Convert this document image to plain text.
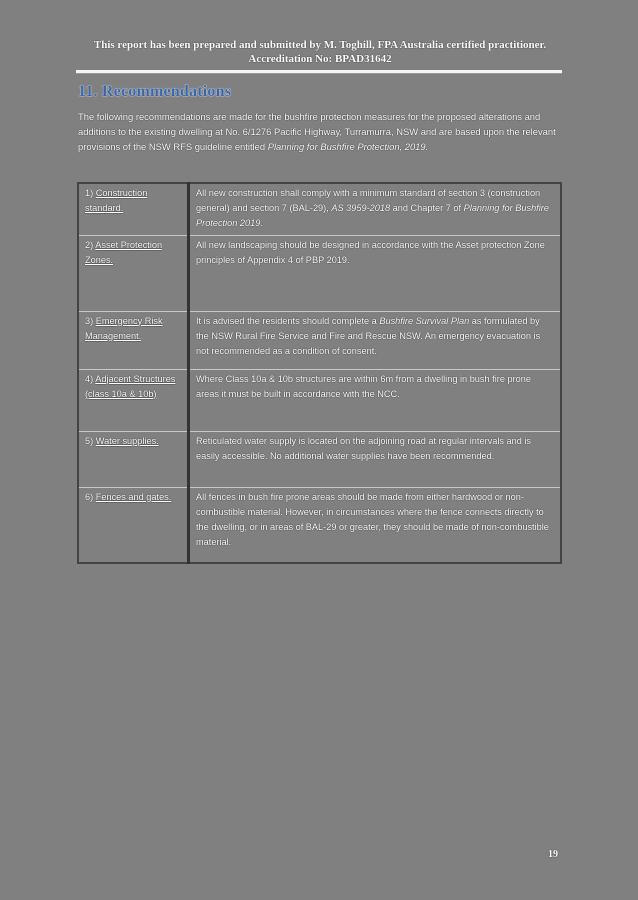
This report has been prepared and submitted by M. Toghill, FPA Australia certified practitioner.
Accreditation No: BPAD31642
11. Recommendations
The following recommendations are made for the bushfire protection measures for the proposed alterations and additions to the existing dwelling at No. 6/1276 Pacific Highway, Turramurra, NSW and are based upon the relevant provisions of the NSW RFS guideline entitled Planning for Bushfire Protection, 2019.
1) Construction standard.	All new construction shall comply with a minimum standard of section 3 (construction general) and section 7 (BAL-29), AS 3959-2018 and Chapter 7 of Planning for Bushfire Protection 2019.
2) Asset Protection Zones.	All new landscaping should be designed in accordance with the Asset protection Zone principles of Appendix 4 of PBP 2019.
3) Emergency Risk Management.	It is advised the residents should complete a Bushfire Survival Plan as formulated by the NSW Rural Fire Service and Fire and Rescue NSW. An emergency evacuation is not recommended as a condition of consent.
4) Adjacent Structures (class 10a & 10b)	Where Class 10a & 10b structures are within 6m from a dwelling in bush fire prone areas it must be built in accordance with the NCC.
5) Water supplies.	Reticulated water supply is located on the adjoining road at regular intervals and is easily accessible. No additional water supplies have been recommended.
6) Fences and gates.	All fences in bush fire prone areas should be made from either hardwood or non-combustible material. However, in circumstances where the fence connects directly to the dwelling, or in areas of BAL-29 or greater, they should be made of non-combustible material.
19
